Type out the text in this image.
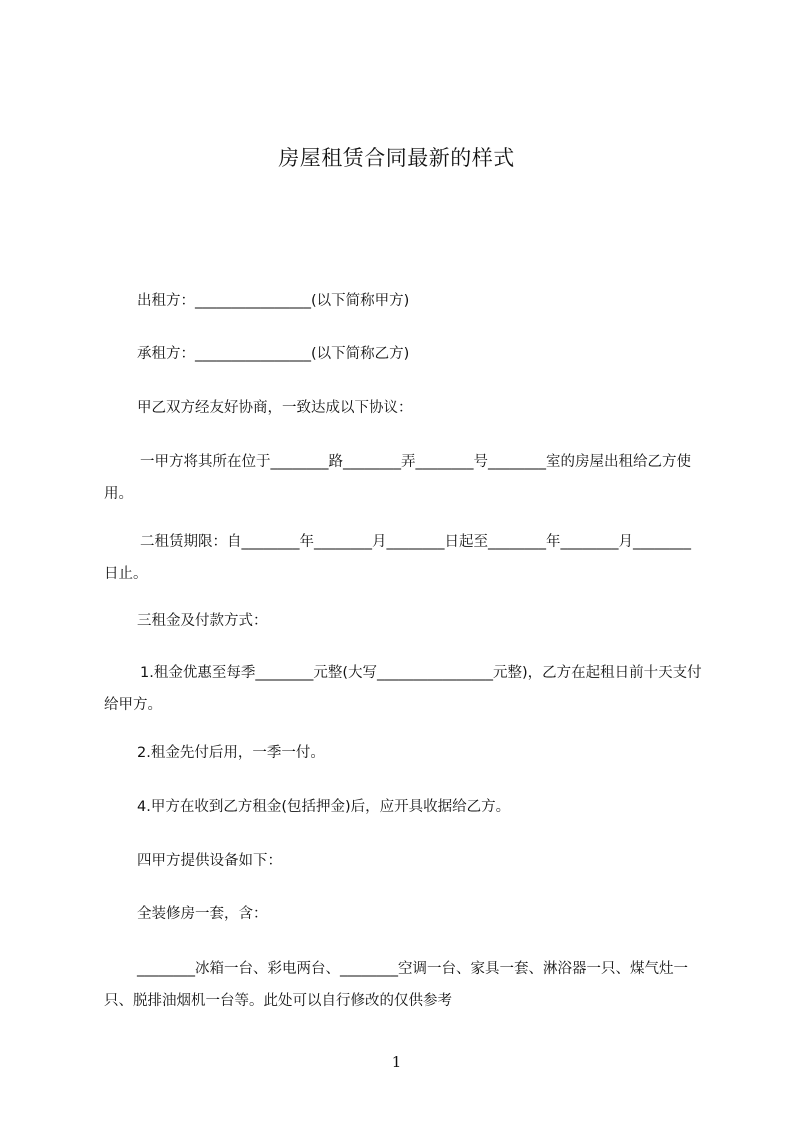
房屋租赁合同最新的样式
出租方：________________(以下简称甲方)
承租方：________________(以下简称乙方)
甲乙双方经友好协商，一致达成以下协议：
一甲方将其所在位于________路________弄________号________室的房屋出租给乙方使用。
二租赁期限：自________年________月________日起至________年________月________日止。
三租金及付款方式：
1.租金优惠至每季________元整(大写________________元整)，乙方在起租日前十天支付给甲方。
2.租金先付后用，一季一付。
4.甲方在收到乙方租金(包括押金)后，应开具收据给乙方。
四甲方提供设备如下：
全装修房一套，含：
________冰箱一台、彩电两台、________空调一台、家具一套、淋浴器一只、煤气灶一只、脱排油烟机一台等。此处可以自行修改的仅供参考
1
